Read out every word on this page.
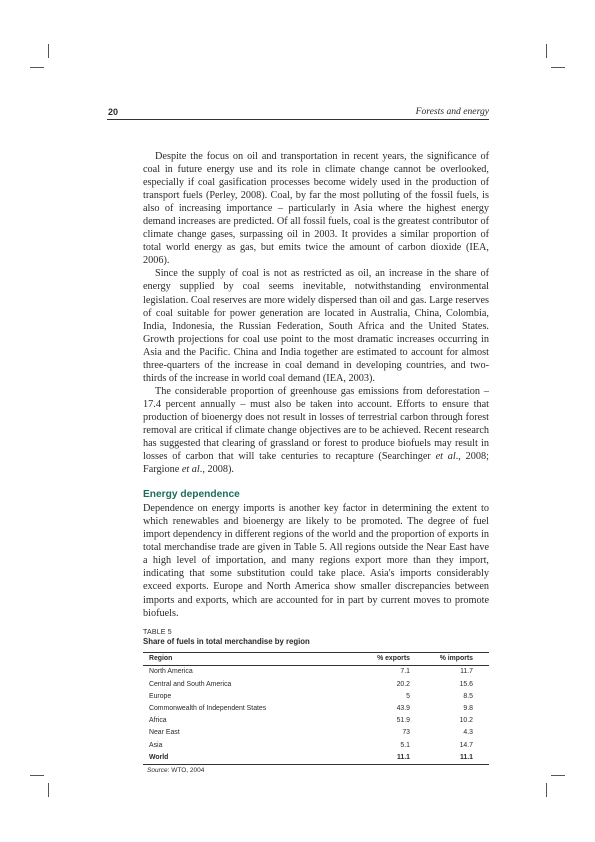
20	Forests and energy

Despite the focus on oil and transportation in recent years, the significance of coal in future energy use and its role in climate change cannot be overlooked, especially if coal gasification processes become widely used in the production of transport fuels (Perley, 2008). Coal, by far the most polluting of the fossil fuels, is also of increasing importance – particularly in Asia where the highest energy demand increases are predicted. Of all fossil fuels, coal is the greatest contributor of climate change gases, surpassing oil in 2003. It provides a similar proportion of total world energy as gas, but emits twice the amount of carbon dioxide (IEA, 2006).

Since the supply of coal is not as restricted as oil, an increase in the share of energy supplied by coal seems inevitable, notwithstanding environmental legislation. Coal reserves are more widely dispersed than oil and gas. Large reserves of coal suitable for power generation are located in Australia, China, Colombia, India, Indonesia, the Russian Federation, South Africa and the United States. Growth projections for coal use point to the most dramatic increases occurring in Asia and the Pacific. China and India together are estimated to account for almost three-quarters of the increase in coal demand in developing countries, and two-thirds of the increase in world coal demand (IEA, 2003).

The considerable proportion of greenhouse gas emissions from deforestation – 17.4 percent annually – must also be taken into account. Efforts to ensure that production of bioenergy does not result in losses of terrestrial carbon through forest removal are critical if climate change objectives are to be achieved. Recent research has suggested that clearing of grassland or forest to produce biofuels may result in losses of carbon that will take centuries to recapture (Searchinger et al., 2008; Fargione et al., 2008).

Energy dependence

Dependence on energy imports is another key factor in determining the extent to which renewables and bioenergy are likely to be promoted. The degree of fuel import dependency in different regions of the world and the proportion of exports in total merchandise trade are given in Table 5. All regions outside the Near East have a high level of importation, and many regions export more than they import, indicating that some substitution could take place. Asia's imports considerably exceed exports. Europe and North America show smaller discrepancies between imports and exports, which are accounted for in part by current moves to promote biofuels.

TABLE 5
Share of fuels in total merchandise by region
Region	% exports		% imports
North America	7.1		11.7
Central and South America	20.2		15.6
Europe	5		8.5
Commonwealth of Independent States	43.9		9.8
Africa	51.9		10.2
Near East	73		4.3
Asia	5.1		14.7
World	11.1		11.1
Source: WTO, 2004
